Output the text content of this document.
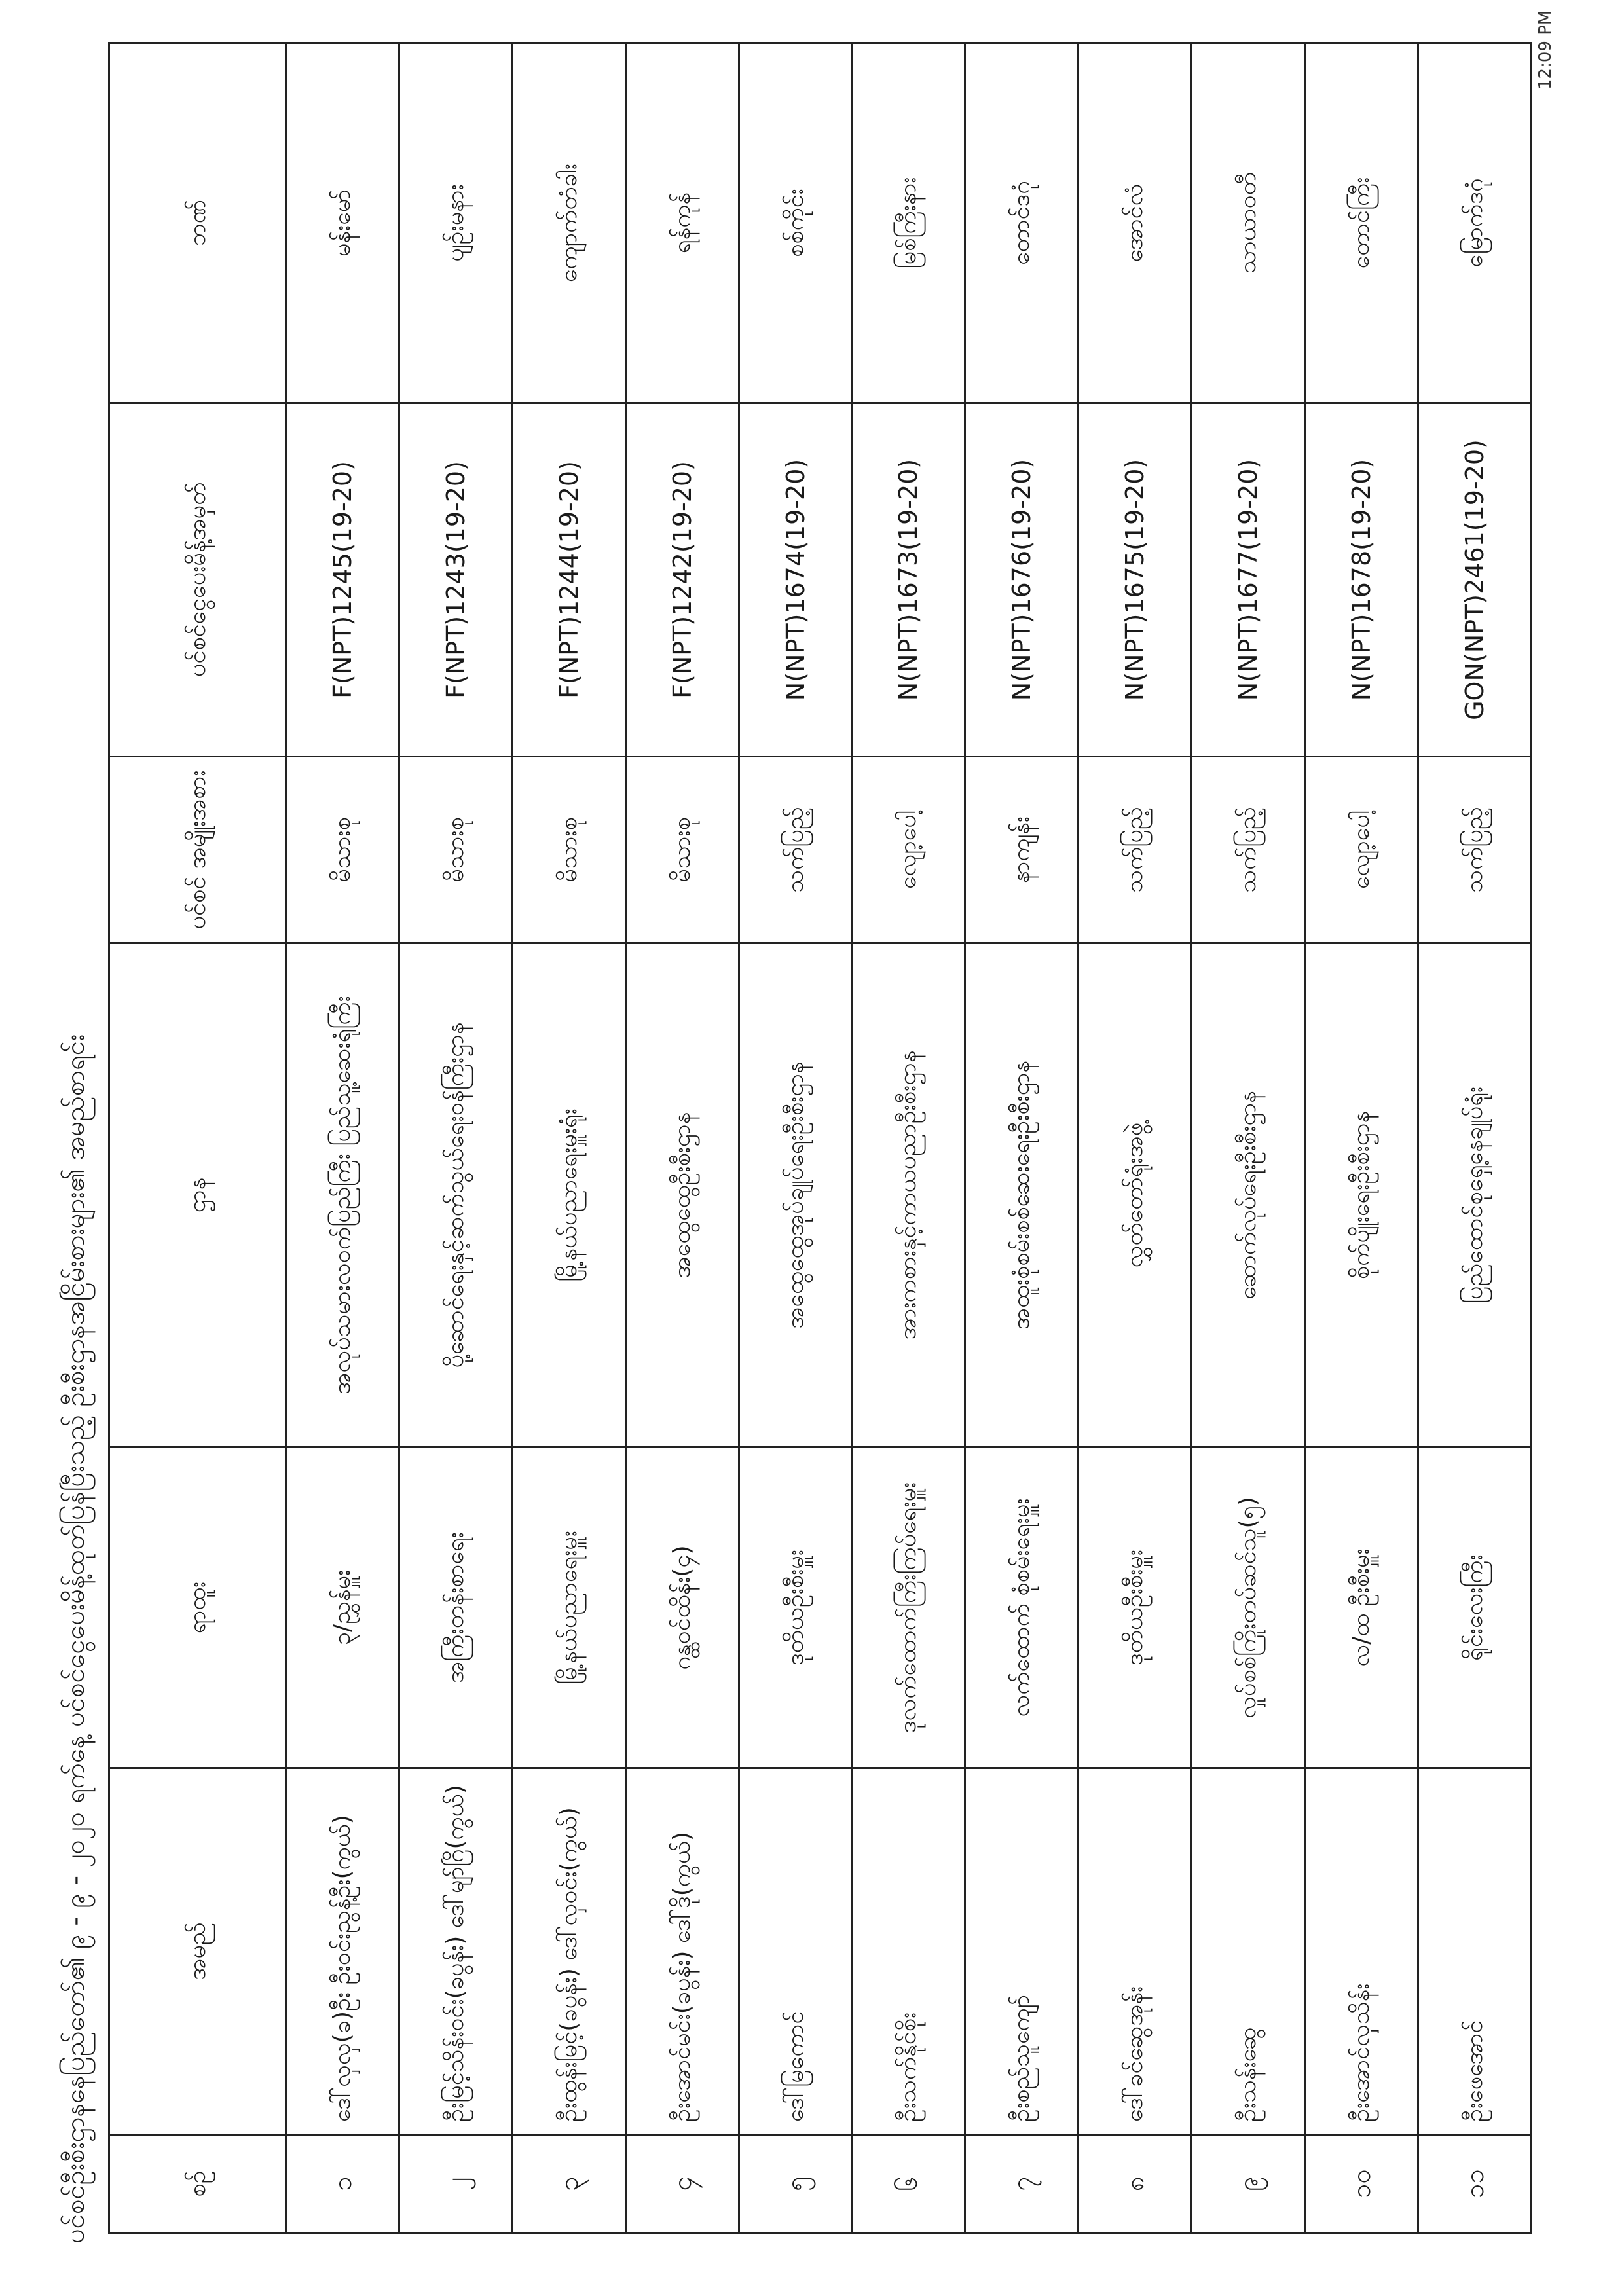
ပင်စင်ဦးစီးဌာနနေပြည်တော်၏ ၉ - ၉ - ၂၀၂၀ ရက်နေ့ ပင်စင်ငွေပေးမိန့်ထုတ်ပြန်ပြီးသည့် ဦးစီးဌာနအငြိမ်းစားများ၏ အမည်စာရင်း	စဉ်	အမည်	ရာထူး	ဌာန	ပင်စင် အမျိုးအစား	ပင်စင်ငွေပေးမိန့်အမှတ်	ဘဏ်
၁	ဒေါ်လှလှ(ခ)ဦး ဦးဝင်းညွန့်ဦး(ကွယ်)	၃/ညွှန်မှူး	အလုပ်သမားလဝက်ပြည်ကြီး ပြည်သူ့ဆေးရုံကြီး	မိသားစု	F(NPT)1245(19-20)	မန်းမော်
၂	ဦးမြင့်သိန်းဝင်း(ခပွန်း) ဒေါ်မျာ်ဂြိ(ကွယ်)	အကြီးတန်းစာရေး	ပို့ဆောင်ရေးနှင့်ဆက်သွယ်ရေးဝန်ကြီးဌာန	မိသားစု	F(NPT)1243(19-20)	ပျဉ်းမနား
၃	ဦးထွန်းမြင့်(ခပွန်း) ဒေါ်လှဝင်း(ကွယ်)	မြို့နယ်ပညာရေးမှူး	မြို့နယ်ပညာရေးမှူးရုံး	မိသားစု	F(NPT)1244(19-20)	ကျောက်တံခါး
၄	ဦးအောင်မင်း(ခပွန်း) ဒေါ်ဒို(ကွယ်)	ဂန္ထဝင်ထိန်း(၄)	အထွေထွေဦးစီးဌာန	မိသားစု	F(NPT)1242(19-20)	ရန်ကုန်
၅	ဒေါ်မြကောင်	ဒုတိယဦးစီးမှူး	အထွေထွေအုပ်ချုပ်ရေးဦးစီးဌာန	သက်ပြည့်	N(NPT)1674(19-20)	စစ်ကိုင်း
၆	ဦးသက်နိုင်စိုး	ဒုလက်ထောက်ကြီးကြပ်ရေးမှူး	အားကစားနှင့်ကာယပညာဦးစီးဌာန	လျော့ပေါ့	N(NPT)1673(19-20)	မြစ်ကြီးနား
၇	ဦးစည်သူကျော်	လက်ထောက် စုံစမ်းရေးမှူး	အထူးစုံစမ်းစစ်ဆေးရေးဦးစီးဌာန	နာကျန်း	N(NPT)1676(19-20)	တောင်ဒဂုံ
၈	ဒေါ်ခင်ဆွေအုန်း	ဒုတိယဦးစီးမှူး	လွှတ်တော်ရုံးအဖွဲ့	သက်ပြည့်	N(NPT)1675(19-20)	အောင်လံ
၉	ဦးသန်းဆွေ	လှုပ်စစ်ကြိုးတပ်ဆင်သူ(၅)	ဆောက်လုပ်ရေးဦးစီးဌာန	သက်ပြည့်	N(NPT)1677(19-20)	သာယာဝတီ
၁၀	ဦးအောင်လှသိန်း	လ/ထ ဦးစီးမှူး	စိုက်ပျိုးရေးဦးစီးဌာန	လျော့ပေါ့	N(NPT)1678(19-20)	တောင်ကြီး
၁၁	ဦးဖေအောင်	ရိုင်းလေးကြီး	ပြည်ထောင်စုရှေ့နေချုပ်ရုံး	သက်ပြည့်	GON(NPT)2461(19-20)	မြောက်ဒဂုံ
12:09 PM
